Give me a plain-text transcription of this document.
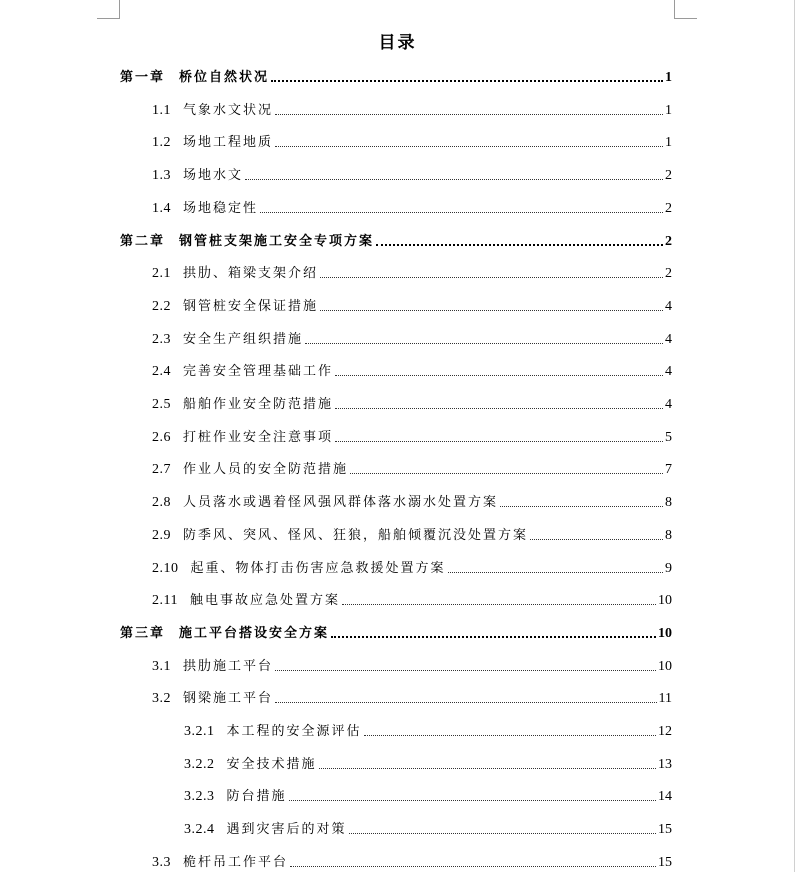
目录
第一章 桥位自然状况	1
1.1 气象水文状况	1
1.2 场地工程地质	1
1.3 场地水文	2
1.4 场地稳定性	2
第二章 钢管桩支架施工安全专项方案	2
2.1 拱肋、箱梁支架介绍	2
2.2 钢管桩安全保证措施	4
2.3 安全生产组织措施	4
2.4 完善安全管理基础工作	4
2.5 船舶作业安全防范措施	4
2.6 打桩作业安全注意事项	5
2.7 作业人员的安全防范措施	7
2.8 人员落水或遇着怪风强风群体落水溺水处置方案	8
2.9 防季风、突风、怪风、狂狼，船舶倾覆沉没处置方案	8
2.10 起重、物体打击伤害应急救援处置方案	9
2.11 触电事故应急处置方案	10
第三章 施工平台搭设安全方案	10
3.1 拱肋施工平台	10
3.2 钢梁施工平台	11
3.2.1 本工程的安全源评估	12
3.2.2 安全技术措施	13
3.2.3 防台措施	14
3.2.4 遇到灾害后的对策	15
3.3 桅杆吊工作平台	15
